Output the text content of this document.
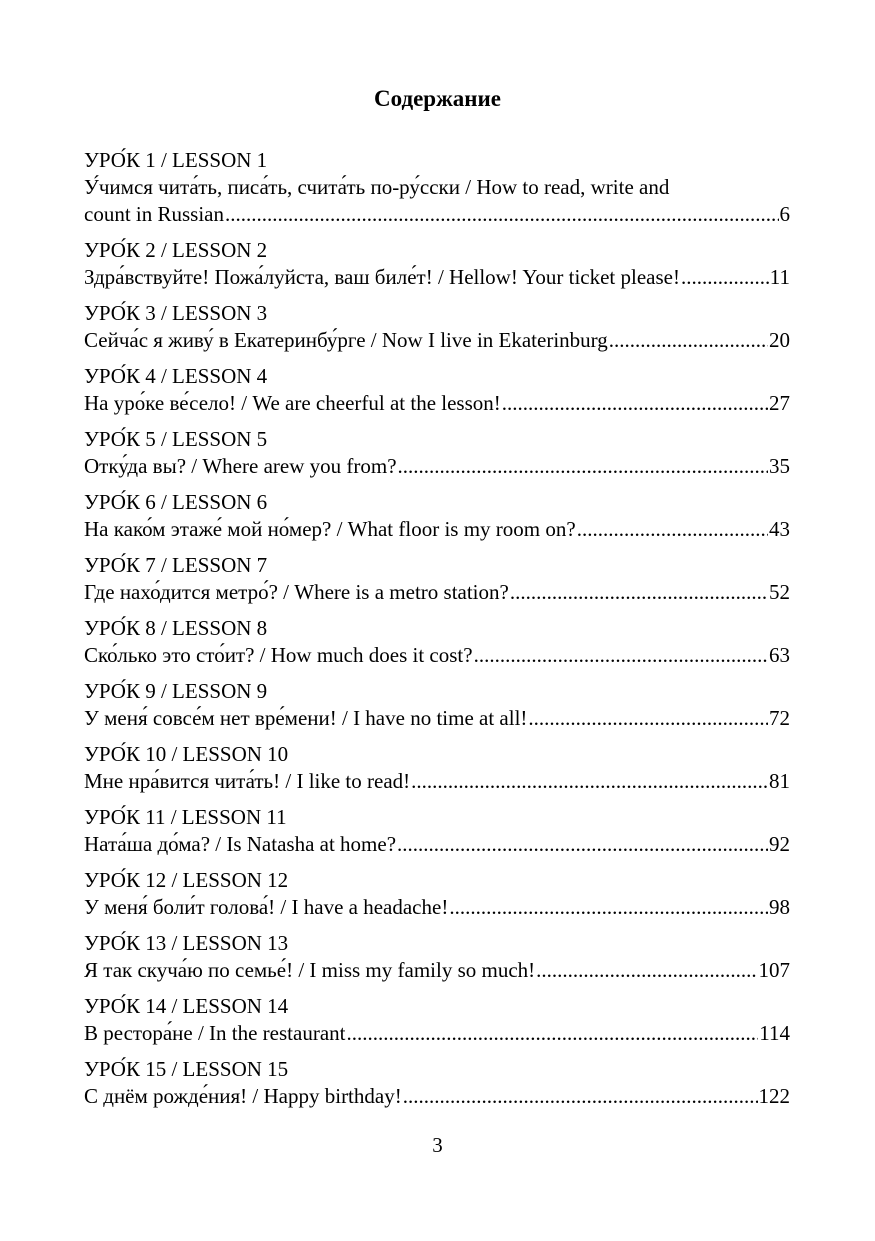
Содержание
УРО́К 1 / LESSON 1
У́чимся чита́ть, писа́ть, счита́ть по-ру́сски / How to read, write and
count in Russian .....	6
УРО́К 2 / LESSON 2
Здра́вствуйте! Пожа́луйста, ваш биле́т! / Hellow! Your ticket please! .....	11
УРО́К 3 / LESSON 3
Сейча́с я живу́ в Екатеринбу́рге / Now I live in Ekaterinburg .....	20
УРО́К 4 / LESSON 4
На уро́ке ве́село! / We are cheerful at the lesson! .....	27
УРО́К 5 / LESSON 5
Отку́да вы? / Where arew you from? .....	35
УРО́К 6 / LESSON 6
На како́м этаже́ мой но́мер? / What floor is my room on? .....	43
УРО́К 7 / LESSON 7
Где нахо́дится метро́? / Where is a metro station? .....	52
УРО́К 8 / LESSON 8
Ско́лько это сто́ит? / How much does it cost? .....	63
УРО́К 9 / LESSON 9
У меня́ совсе́м нет вре́мени! / I have no time at all! .....	72
УРО́К 10 / LESSON 10
Мне нра́вится чита́ть! / I like to read! .....	81
УРО́К 11 / LESSON 11
Ната́ша до́ма? / Is Natasha at home? .....	92
УРО́К 12 / LESSON 12
У меня́ боли́т голова́! / I have a headache! .....	98
УРО́К 13 / LESSON 13
Я так скуча́ю по семье́! / I miss my family so much! .....	107
УРО́К 14 / LESSON 14
В рестора́не / In the restaurant .....	114
УРО́К 15 / LESSON 15
С днём рожде́ния! / Happy birthday! .....	122
3
